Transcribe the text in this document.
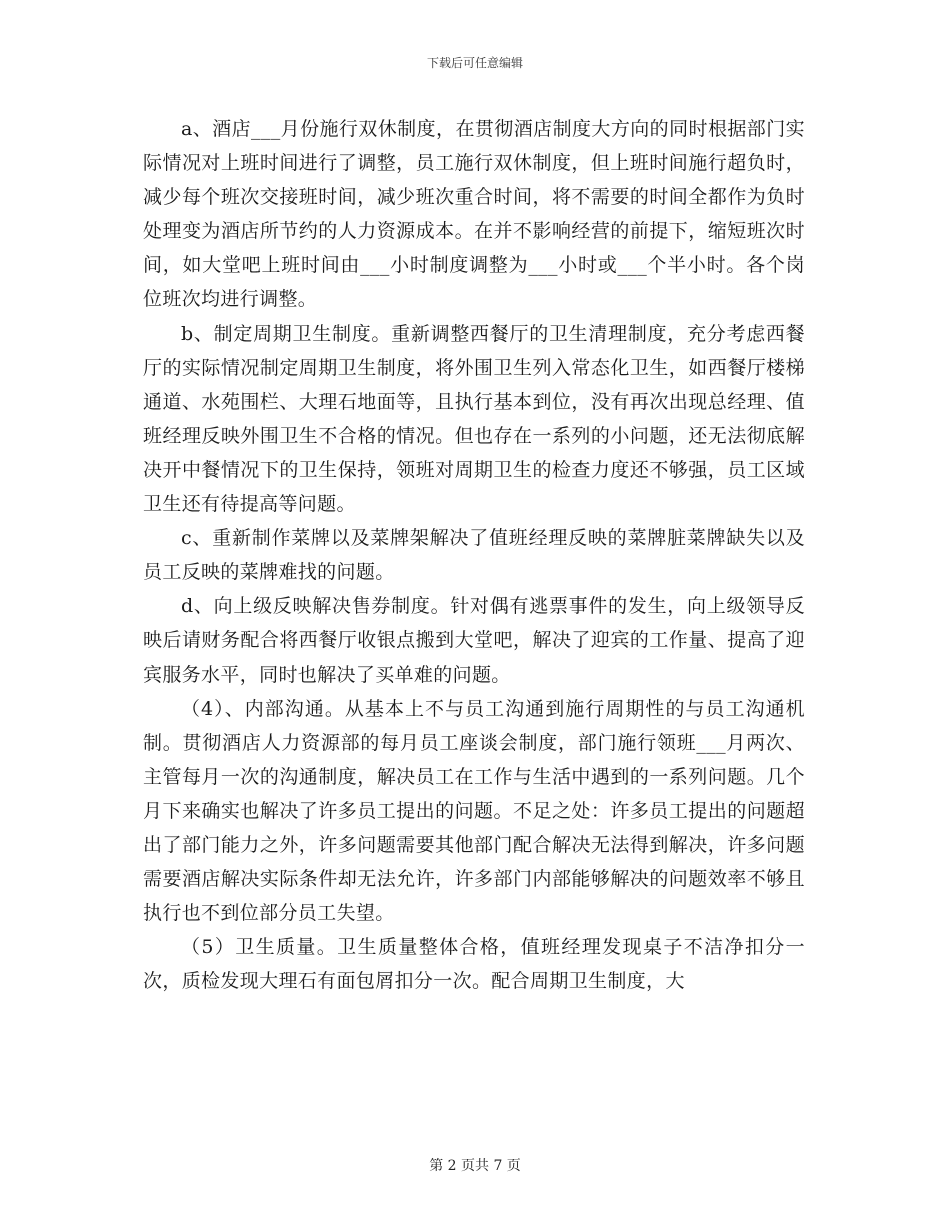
下载后可任意编辑

a、酒店___月份施行双休制度，在贯彻酒店制度大方向的同时根据部门实际情况对上班时间进行了调整，员工施行双休制度，但上班时间施行超负时，减少每个班次交接班时间，减少班次重合时间，将不需要的时间全都作为负时处理变为酒店所节约的人力资源成本。在并不影响经营的前提下，缩短班次时间，如大堂吧上班时间由___小时制度调整为___小时或___个半小时。各个岗位班次均进行调整。

b、制定周期卫生制度。重新调整西餐厅的卫生清理制度，充分考虑西餐厅的实际情况制定周期卫生制度，将外围卫生列入常态化卫生，如西餐厅楼梯通道、水苑围栏、大理石地面等，且执行基本到位，没有再次出现总经理、值班经理反映外围卫生不合格的情况。但也存在一系列的小问题，还无法彻底解决开中餐情况下的卫生保持，领班对周期卫生的检查力度还不够强，员工区域卫生还有待提高等问题。

c、重新制作菜牌以及菜牌架解决了值班经理反映的菜牌脏菜牌缺失以及员工反映的菜牌难找的问题。

d、向上级反映解决售券制度。针对偶有逃票事件的发生，向上级领导反映后请财务配合将西餐厅收银点搬到大堂吧，解决了迎宾的工作量、提高了迎宾服务水平，同时也解决了买单难的问题。

（4）、内部沟通。从基本上不与员工沟通到施行周期性的与员工沟通机制。贯彻酒店人力资源部的每月员工座谈会制度，部门施行领班___月两次、主管每月一次的沟通制度，解决员工在工作与生活中遇到的一系列问题。几个月下来确实也解决了许多员工提出的问题。不足之处：许多员工提出的问题超出了部门能力之外，许多问题需要其他部门配合解决无法得到解决，许多问题需要酒店解决实际条件却无法允许，许多部门内部能够解决的问题效率不够且执行也不到位部分员工失望。

（5）卫生质量。卫生质量整体合格，值班经理发现桌子不洁净扣分一次，质检发现大理石有面包屑扣分一次。配合周期卫生制度，大

第 2 页共 7 页
